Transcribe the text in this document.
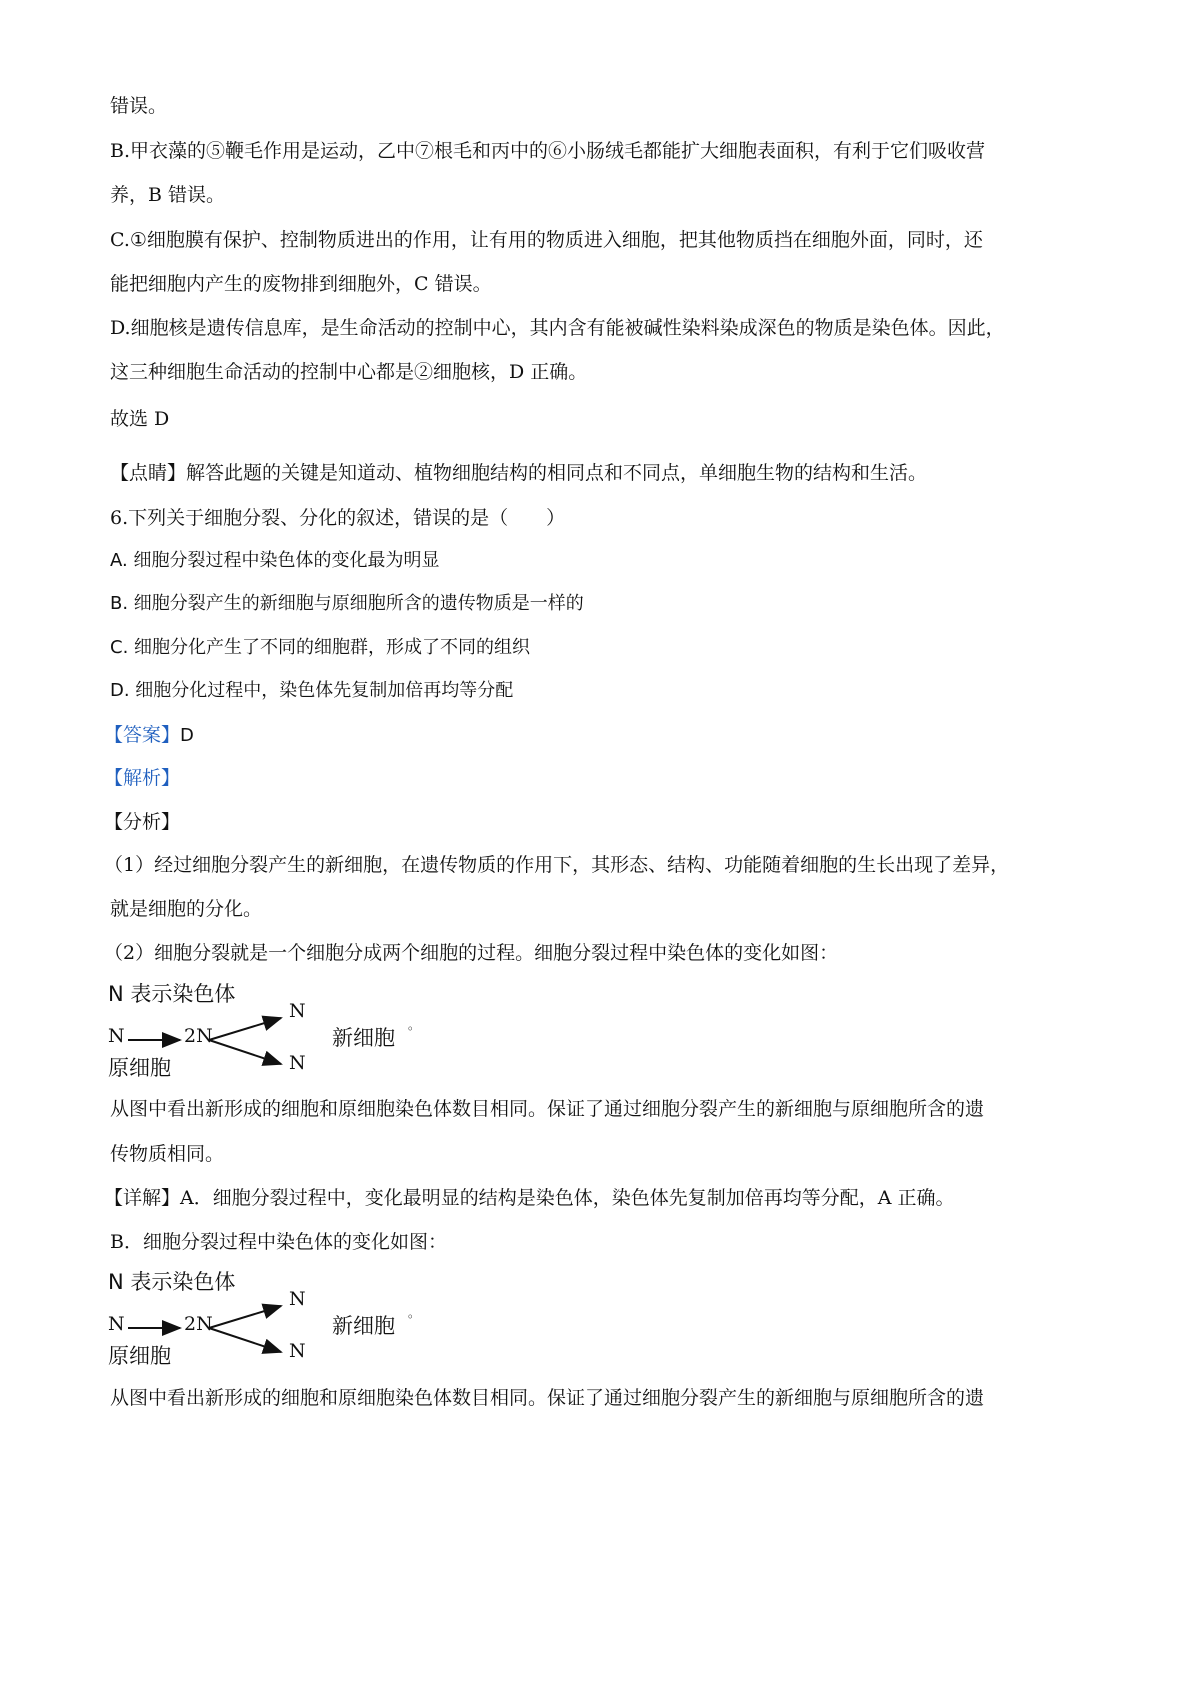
错误。
B.甲衣藻的⑤鞭毛作用是运动，乙中⑦根毛和丙中的⑥小肠绒毛都能扩大细胞表面积，有利于它们吸收营
养，B 错误。
C.①细胞膜有保护、控制物质进出的作用，让有用的物质进入细胞，把其他物质挡在细胞外面，同时，还
能把细胞内产生的废物排到细胞外，C 错误。
D.细胞核是遗传信息库，是生命活动的控制中心，其内含有能被碱性染料染成深色的物质是染色体。因此，
这三种细胞生命活动的控制中心都是②细胞核，D 正确。
故选 D
【点睛】解答此题的关键是知道动、植物细胞结构的相同点和不同点，单细胞生物的结构和生活。
6.下列关于细胞分裂、分化的叙述，错误的是（　　）
A. 细胞分裂过程中染色体的变化最为明显
B. 细胞分裂产生的新细胞与原细胞所含的遗传物质是一样的
C. 细胞分化产生了不同的细胞群，形成了不同的组织
D. 细胞分化过程中，染色体先复制加倍再均等分配
【答案】D
【解析】
【分析】
（1）经过细胞分裂产生的新细胞，在遗传物质的作用下，其形态、结构、功能随着细胞的生长出现了差异，
就是细胞的分化。
（2）细胞分裂就是一个细胞分成两个细胞的过程。细胞分裂过程中染色体的变化如图：
N 表示染色体
N	2N
N
N
原细胞
新细胞
。
从图中看出新形成的细胞和原细胞染色体数目相同。保证了通过细胞分裂产生的新细胞与原细胞所含的遗
传物质相同。
【详解】A．细胞分裂过程中，变化最明显的结构是染色体，染色体先复制加倍再均等分配，A 正确。
B．细胞分裂过程中染色体的变化如图：
N 表示染色体
N	2N
N
N
原细胞
新细胞
。
从图中看出新形成的细胞和原细胞染色体数目相同。保证了通过细胞分裂产生的新细胞与原细胞所含的遗
